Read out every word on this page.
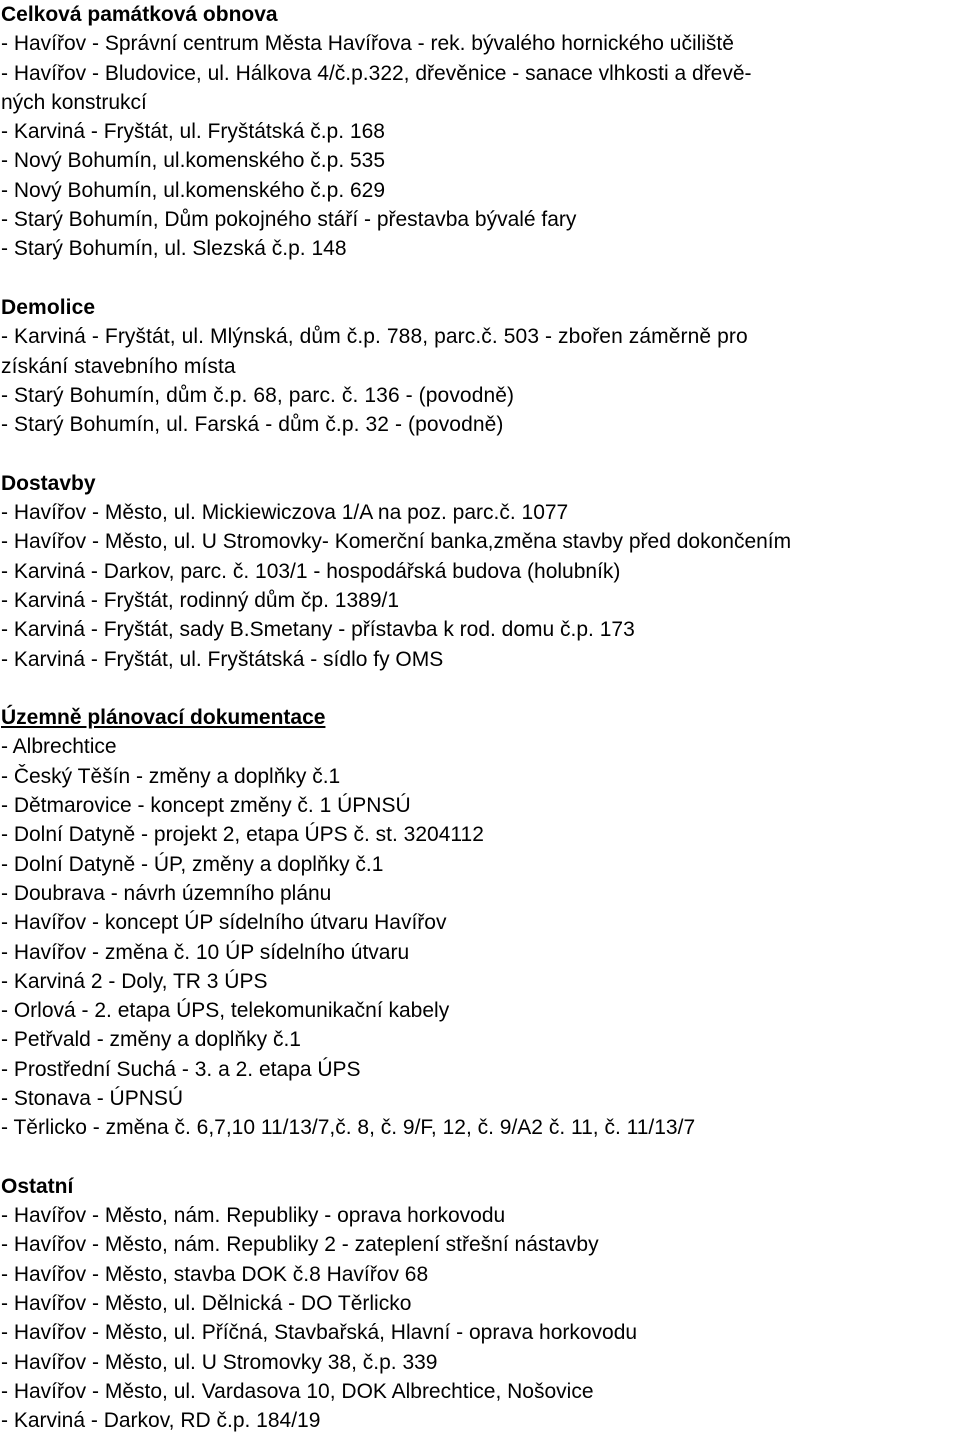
Celková památková obnova

- Havířov - Správní centrum Města Havířova - rek. bývalého hornického učiliště

- Havířov - Bludovice, ul. Hálkova 4/č.p.322, dřevěnice - sanace vlhkosti a dřevě-

ných konstrukcí

- Karviná - Fryštát, ul. Fryštátská č.p. 168

- Nový Bohumín, ul.komenského č.p. 535

- Nový Bohumín, ul.komenského č.p. 629

- Starý Bohumín, Dům pokojného stáří - přestavba bývalé fary

- Starý Bohumín, ul. Slezská č.p. 148

Demolice

- Karviná - Fryštát, ul. Mlýnská, dům č.p. 788, parc.č. 503 - zbořen záměrně pro

získání stavebního místa

- Starý Bohumín, dům č.p. 68, parc. č. 136 - (povodně)

- Starý Bohumín, ul. Farská - dům č.p. 32 - (povodně)

Dostavby

- Havířov - Město, ul. Mickiewiczova 1/A na poz. parc.č. 1077

- Havířov - Město, ul. U Stromovky- Komerční banka,změna stavby před dokončením

- Karviná - Darkov, parc. č. 103/1 - hospodářská budova (holubník)

- Karviná - Fryštát, rodinný dům čp. 1389/1

- Karviná - Fryštát, sady B.Smetany - přístavba k rod. domu č.p. 173

- Karviná - Fryštát, ul. Fryštátská - sídlo fy OMS

Územně plánovací dokumentace

- Albrechtice

- Český Těšín - změny a doplňky č.1

- Dětmarovice - koncept změny č. 1 ÚPNSÚ

- Dolní Datyně - projekt 2, etapa ÚPS č. st. 3204112

- Dolní Datyně - ÚP, změny a doplňky č.1

- Doubrava - návrh územního plánu

- Havířov - koncept ÚP sídelního útvaru Havířov

- Havířov - změna č. 10 ÚP sídelního útvaru

- Karviná 2 - Doly, TR 3 ÚPS

- Orlová - 2. etapa ÚPS, telekomunikační kabely

- Petřvald - změny a doplňky č.1

- Prostřední Suchá - 3. a 2. etapa ÚPS

- Stonava - ÚPNSÚ

- Těrlicko - změna č. 6,7,10 11/13/7,č. 8, č. 9/F, 12, č. 9/A2 č. 11, č. 11/13/7

Ostatní

- Havířov - Město, nám. Republiky - oprava horkovodu

- Havířov - Město, nám. Republiky 2 - zateplení střešní nástavby

- Havířov - Město, stavba DOK č.8 Havířov 68

- Havířov - Město, ul. Dělnická - DO Těrlicko

- Havířov - Město, ul. Příčná, Stavbařská, Hlavní - oprava horkovodu

- Havířov - Město, ul. U Stromovky 38, č.p. 339

- Havířov - Město, ul. Vardasova 10, DOK Albrechtice, Nošovice

- Karviná - Darkov, RD č.p. 184/19
